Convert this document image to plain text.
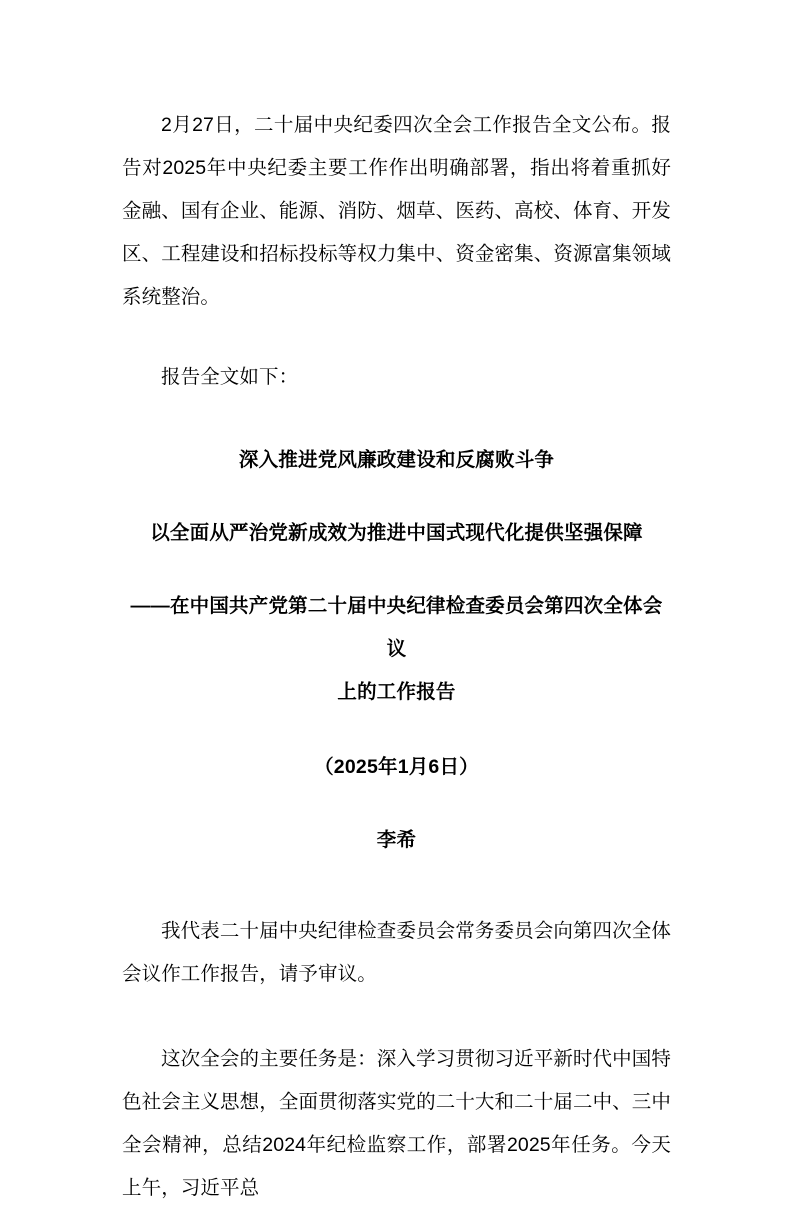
2月27日，二十届中央纪委四次全会工作报告全文公布。报告对2025年中央纪委主要工作作出明确部署，指出将着重抓好金融、国有企业、能源、消防、烟草、医药、高校、体育、开发区、工程建设和招标投标等权力集中、资金密集、资源富集领域系统整治。

报告全文如下：

深入推进党风廉政建设和反腐败斗争

以全面从严治党新成效为推进中国式现代化提供坚强保障

——在中国共产党第二十届中央纪律检查委员会第四次全体会议
上的工作报告

（2025年1月6日）

李希

我代表二十届中央纪律检查委员会常务委员会向第四次全体会议作工作报告，请予审议。

这次全会的主要任务是：深入学习贯彻习近平新时代中国特色社会主义思想，全面贯彻落实党的二十大和二十届二中、三中全会精神，总结2024年纪检监察工作，部署2025年任务。今天上午，习近平总
